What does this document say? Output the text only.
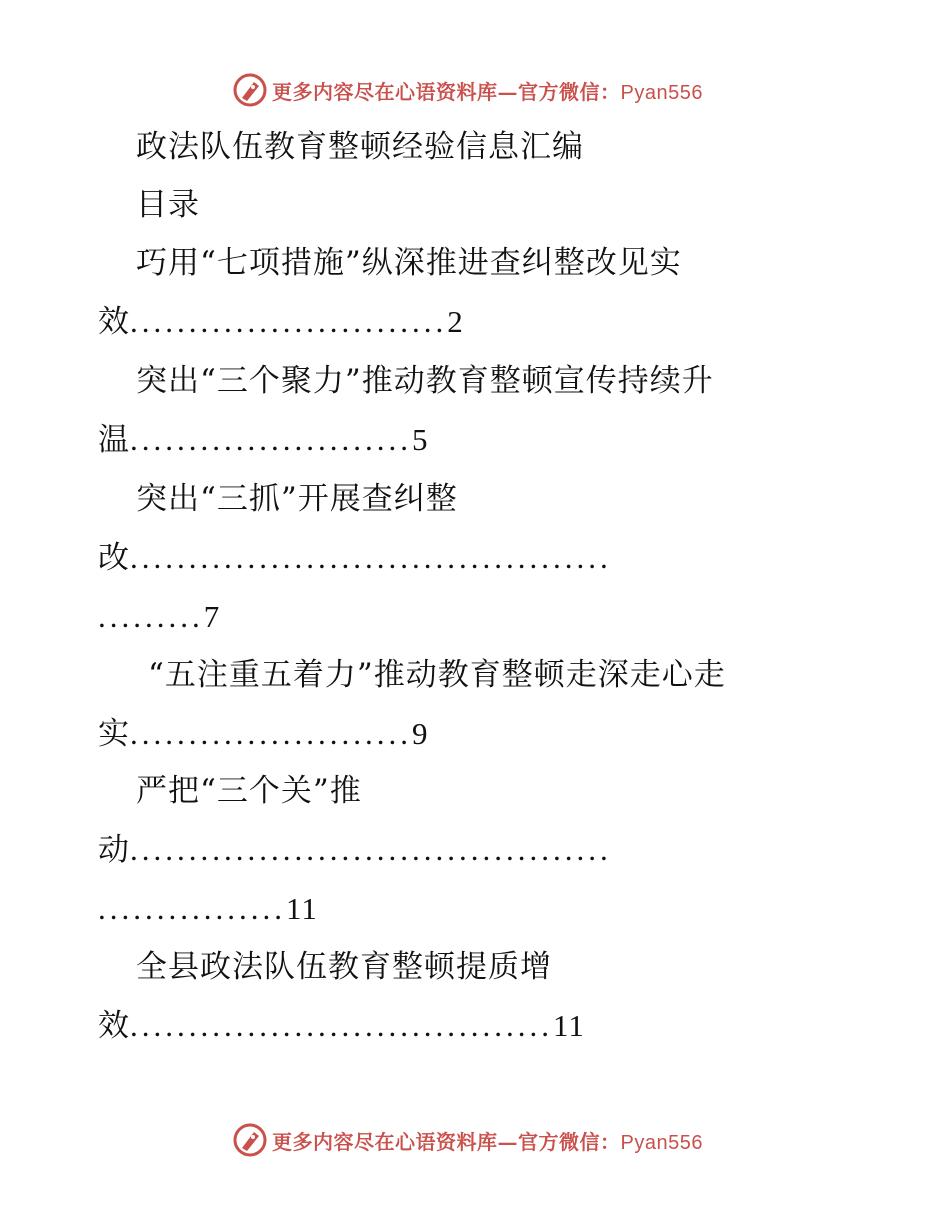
更多内容尽在心语资料库—官方微信：Pyan556
政法队伍教育整顿经验信息汇编
目录
巧用“七项措施”纵深推进查纠整改见实
效...........................2
突出“三个聚力”推动教育整顿宣传持续升
温........................5
突出“三抓”开展查纠整
改.........................................
.........7
“五注重五着力”推动教育整顿走深走心走
实........................9
严把“三个关”推
动.........................................
................11
全县政法队伍教育整顿提质增
效....................................11
更多内容尽在心语资料库—官方微信：Pyan556
